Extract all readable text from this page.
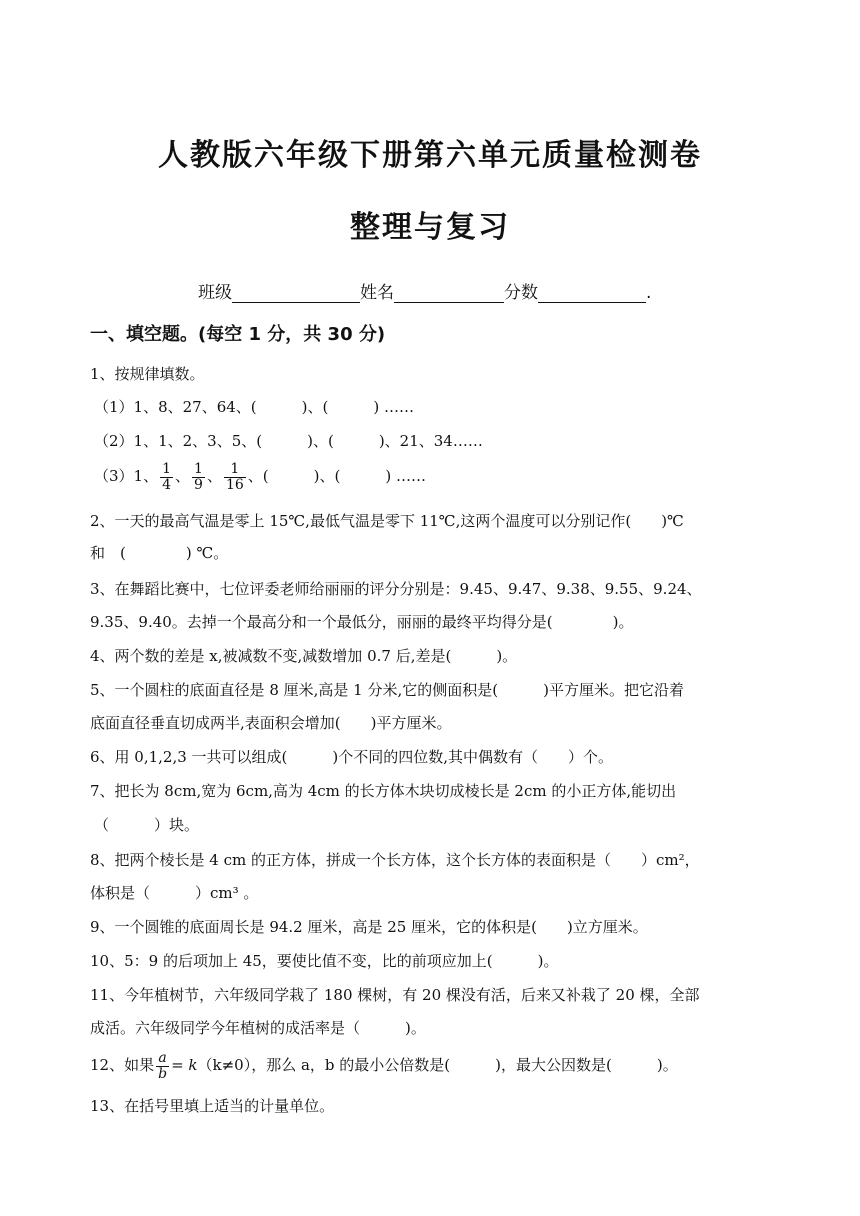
人教版六年级下册第六单元质量检测卷
整理与复习
班级	姓名	分数	.
一、填空题。(每空 1 分，共 30 分)
1、按规律填数。
（1）1、8、27、64、(　　　)、(　　　) ……
（2）1、1、2、3、5、(　　　)、(　　　)、21、34……
（3）1、 $\frac{1}{4}$ 、 $\frac{1}{9}$ 、 $\frac{1}{16}$ 、(　　　)、(　　　) ……
2、一天的最高气温是零上 15℃,最低气温是零下 11℃,这两个温度可以分别记作(　　)℃
和　(　　　　) ℃。
3、在舞蹈比赛中，七位评委老师给丽丽的评分分别是：9.45、9.47、9.38、9.55、9.24、
9.35、9.40。去掉一个最高分和一个最低分，丽丽的最终平均得分是(　　　　)。
4、两个数的差是 x,被减数不变,减数增加 0.7 后,差是(　　　)。
5、一个圆柱的底面直径是 8 厘米,高是 1 分米,它的侧面积是(　　　)平方厘米。把它沿着
底面直径垂直切成两半,表面积会增加(　　)平方厘米。
6、用 0,1,2,3 一共可以组成(　　　)个不同的四位数,其中偶数有（　　）个。
7、把长为 8cm,宽为 6cm,高为 4cm 的长方体木块切成棱长是 2cm 的小正方体,能切出
（　　　）块。
8、把两个棱长是 4 cm 的正方体，拼成一个长方体，这个长方体的表面积是（　　）cm²，
体积是（　　　）cm³ 。
9、一个圆锥的底面周长是 94.2 厘米，高是 25 厘米，它的体积是(　　)立方厘米。
10、5：9 的后项加上 45，要使比值不变，比的前项应加上(　　　)。
11、今年植树节，六年级同学栽了 180 棵树，有 20 棵没有活，后来又补栽了 20 棵，全部
成活。六年级同学今年植树的成活率是（　　　)。
12、如果 $\frac{a}{b} = k(k\ne 0)$，那么 a，b 的最小公倍数是(　　　)，最大公因数是(　　　)。
13、在括号里填上适当的计量单位。
